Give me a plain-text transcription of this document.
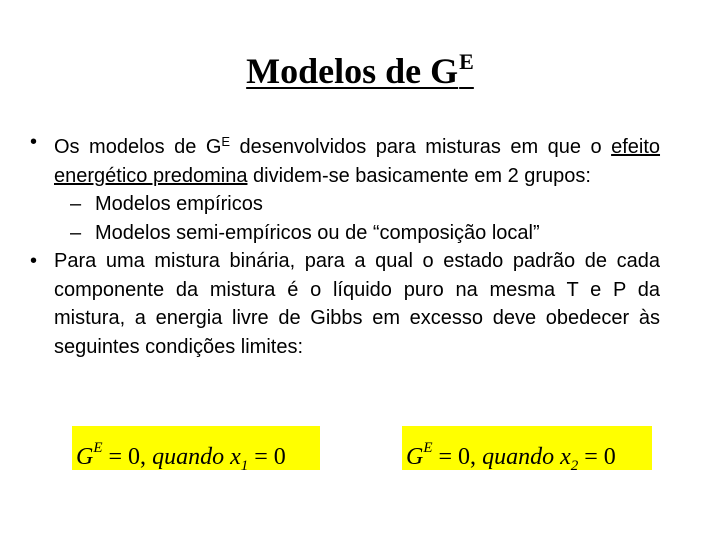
Modelos de $G^E$
• Os modelos de $G^E$ desenvolvidos para misturas em que o efeito energético predomina dividem-se basicamente em 2 grupos:
– Modelos empíricos
– Modelos semi-empíricos ou de “composição local”
• Para uma mistura binária, para a qual o estado padrão de cada componente da mistura é o líquido puro na mesma T e P da mistura, a energia livre de Gibbs em excesso deve obedecer às seguintes condições limites:
$G^E = 0$, quando $x_1 = 0$	$G^E = 0$, quando $x_2 = 0$
